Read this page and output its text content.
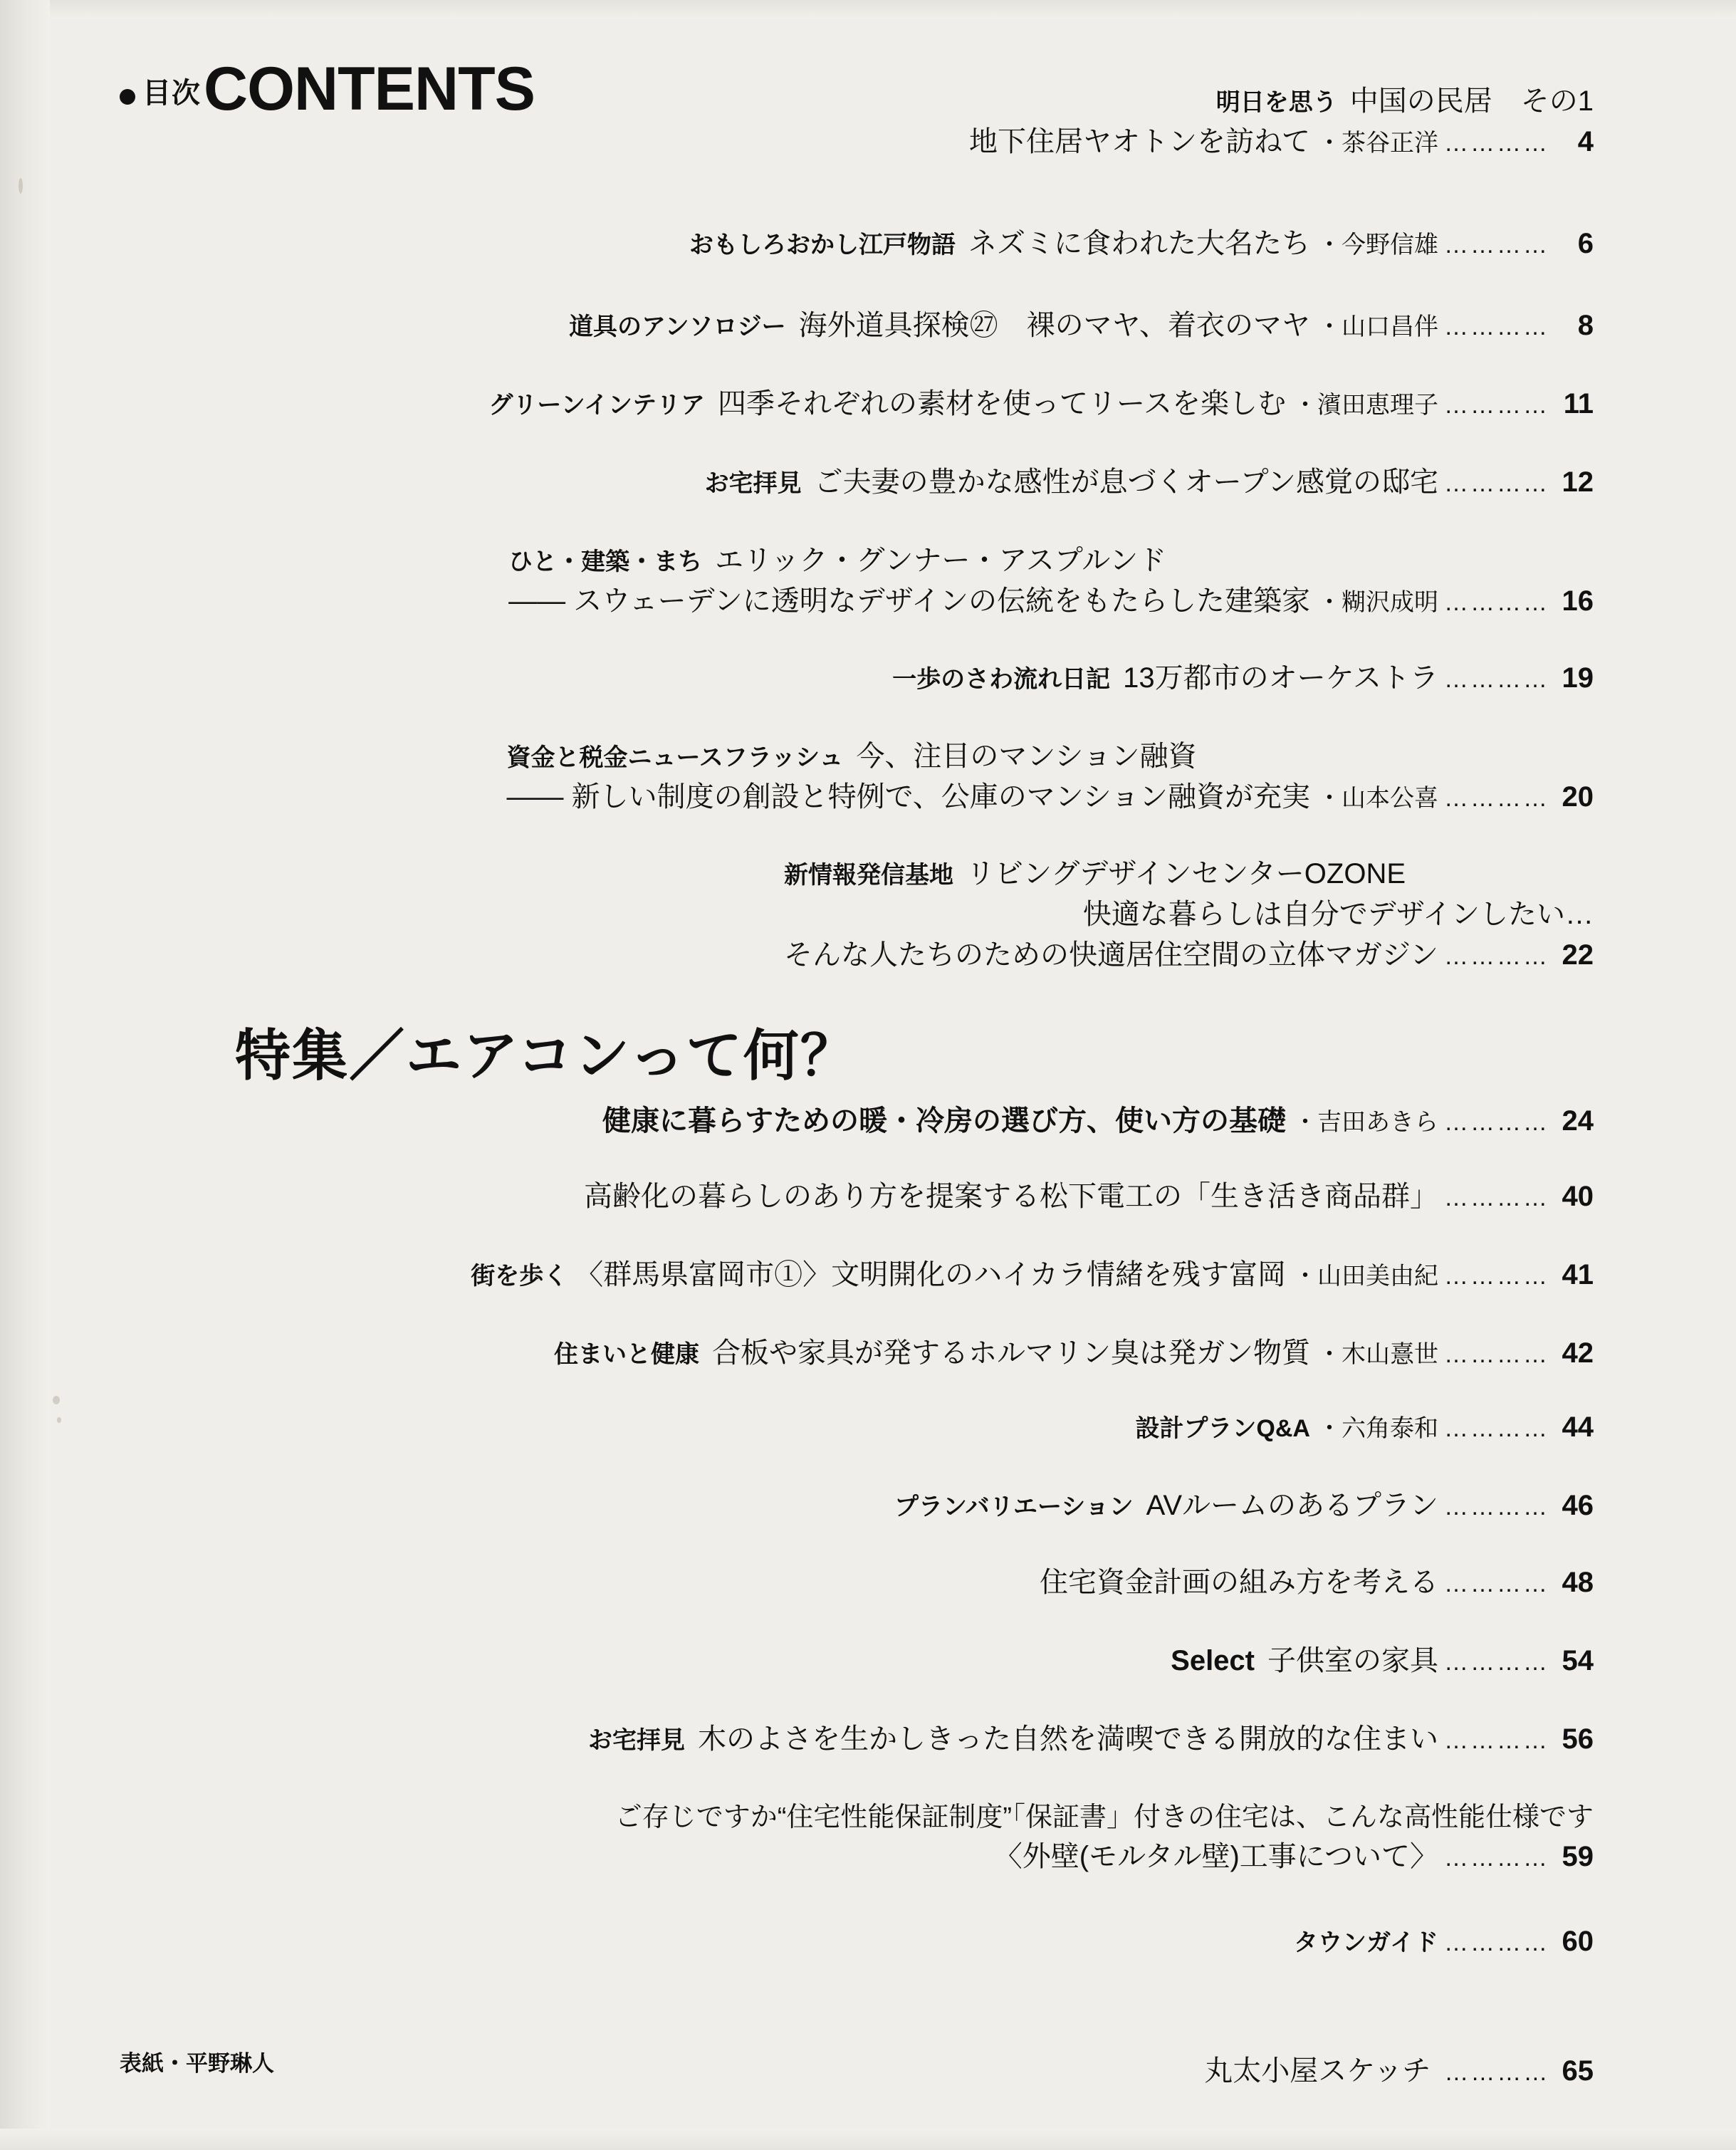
目次 CONTENTS	明日を思う 中国の民居　その1
地下住居ヤオトンを訪ねて ・茶谷正洋 ………… 4
おもしろおかし江戸物語 ネズミに食われた大名たち ・今野信雄 ………… 6
道具のアンソロジー 海外道具探検㉗　裸のマヤ、着衣のマヤ ・山口昌伴 ………… 8
グリーンインテリア 四季それぞれの素材を使ってリースを楽しむ ・濱田恵理子 ………… 11
お宅拝見 ご夫妻の豊かな感性が息づくオープン感覚の邸宅 ………… 12
ひと・建築・まち エリック・グンナー・アスプルンド
—— スウェーデンに透明なデザインの伝統をもたらした建築家 ・糊沢成明 ………… 16
一歩のさわ流れ日記 13万都市のオーケストラ ………… 19
資金と税金ニュースフラッシュ 今、注目のマンション融資
—— 新しい制度の創設と特例で、公庫のマンション融資が充実 ・山本公喜 ………… 20
新情報発信基地 リビングデザインセンターOZONE
快適な暮らしは自分でデザインしたい…
そんな人たちのための快適居住空間の立体マガジン ………… 22
特集／エアコンって何？
健康に暮らすための暖・冷房の選び方、使い方の基礎 ・吉田あきら ………… 24
高齢化の暮らしのあり方を提案する松下電工の「生き活き商品群」 ………… 40
街を歩く 〈群馬県富岡市①〉文明開化のハイカラ情緒を残す富岡 ・山田美由紀 ………… 41
住まいと健康 合板や家具が発するホルマリン臭は発ガン物質 ・木山憙世 ………… 42
設計プランQ&A ・六角泰和 ………… 44
プランバリエーション AVルームのあるプラン ………… 46
住宅資金計画の組み方を考える ………… 48
Select 子供室の家具 ………… 54
お宅拝見 木のよさを生かしきった自然を満喫できる開放的な住まい ………… 56
ご存じですか“住宅性能保証制度”「保証書」付きの住宅は、こんな高性能仕様です
〈外壁(モルタル壁)工事について〉 ………… 59
タウンガイド ………… 60
表紙・平野琳人	丸太小屋スケッチ ………… 65
